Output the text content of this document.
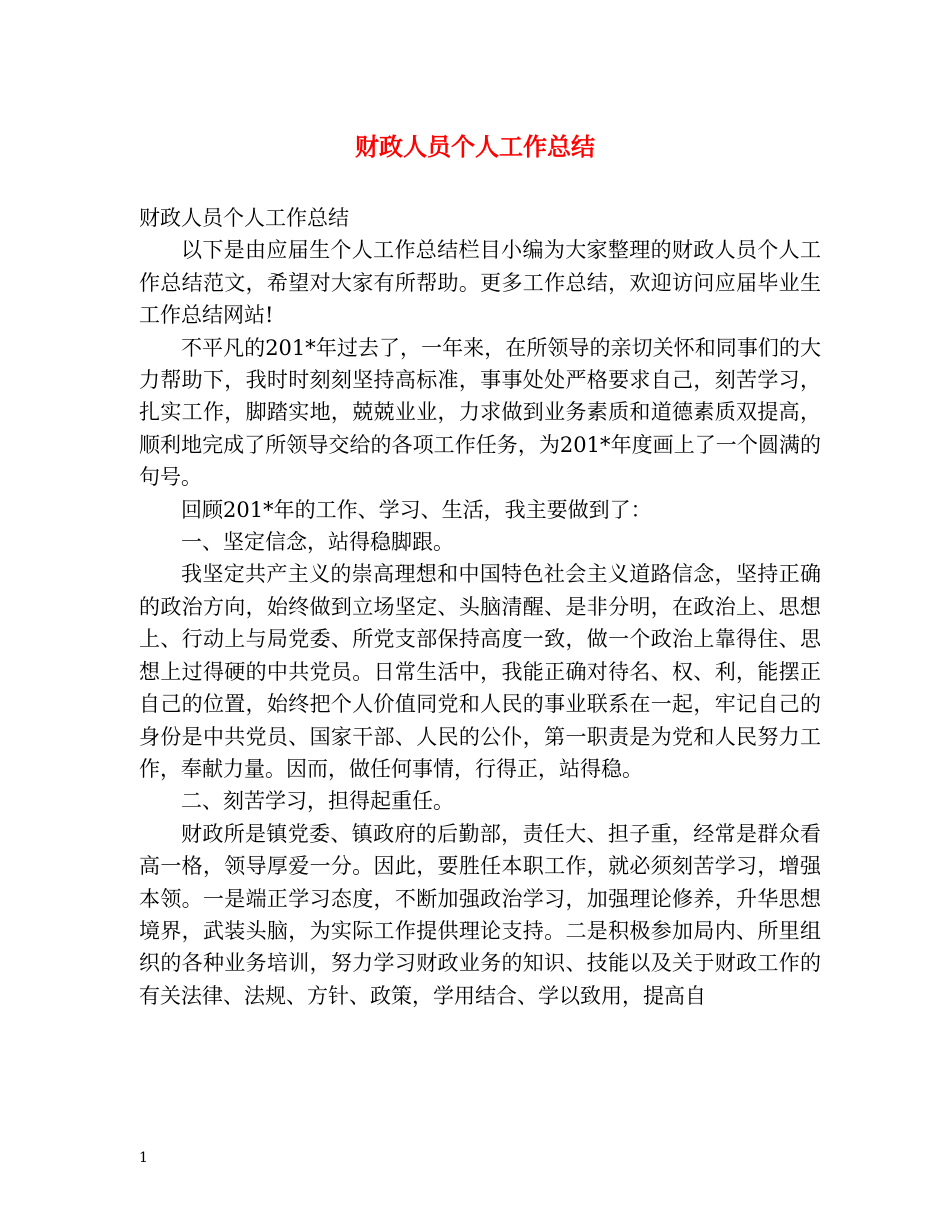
财政人员个人工作总结

财政人员个人工作总结

以下是由应届生个人工作总结栏目小编为大家整理的财政人员个人工作总结范文，希望对大家有所帮助。更多工作总结，欢迎访问应届毕业生工作总结网站!

不平凡的201*年过去了，一年来，在所领导的亲切关怀和同事们的大力帮助下，我时时刻刻坚持高标准，事事处处严格要求自己，刻苦学习，扎实工作，脚踏实地，兢兢业业，力求做到业务素质和道德素质双提高，顺利地完成了所领导交给的各项工作任务，为201*年度画上了一个圆满的句号。

回顾201*年的工作、学习、生活，我主要做到了：

一、坚定信念，站得稳脚跟。

我坚定共产主义的崇高理想和中国特色社会主义道路信念，坚持正确的政治方向，始终做到立场坚定、头脑清醒、是非分明，在政治上、思想上、行动上与局党委、所党支部保持高度一致，做一个政治上靠得住、思想上过得硬的中共党员。日常生活中，我能正确对待名、权、利，能摆正自己的位置，始终把个人价值同党和人民的事业联系在一起，牢记自己的身份是中共党员、国家干部、人民的公仆，第一职责是为党和人民努力工作，奉献力量。因而，做任何事情，行得正，站得稳。

二、刻苦学习，担得起重任。

财政所是镇党委、镇政府的后勤部，责任大、担子重，经常是群众看高一格，领导厚爱一分。因此，要胜任本职工作，就必须刻苦学习，增强本领。一是端正学习态度，不断加强政治学习，加强理论修养，升华思想境界，武装头脑，为实际工作提供理论支持。二是积极参加局内、所里组织的各种业务培训，努力学习财政业务的知识、技能以及关于财政工作的有关法律、法规、方针、政策，学用结合、学以致用，提高自

1
